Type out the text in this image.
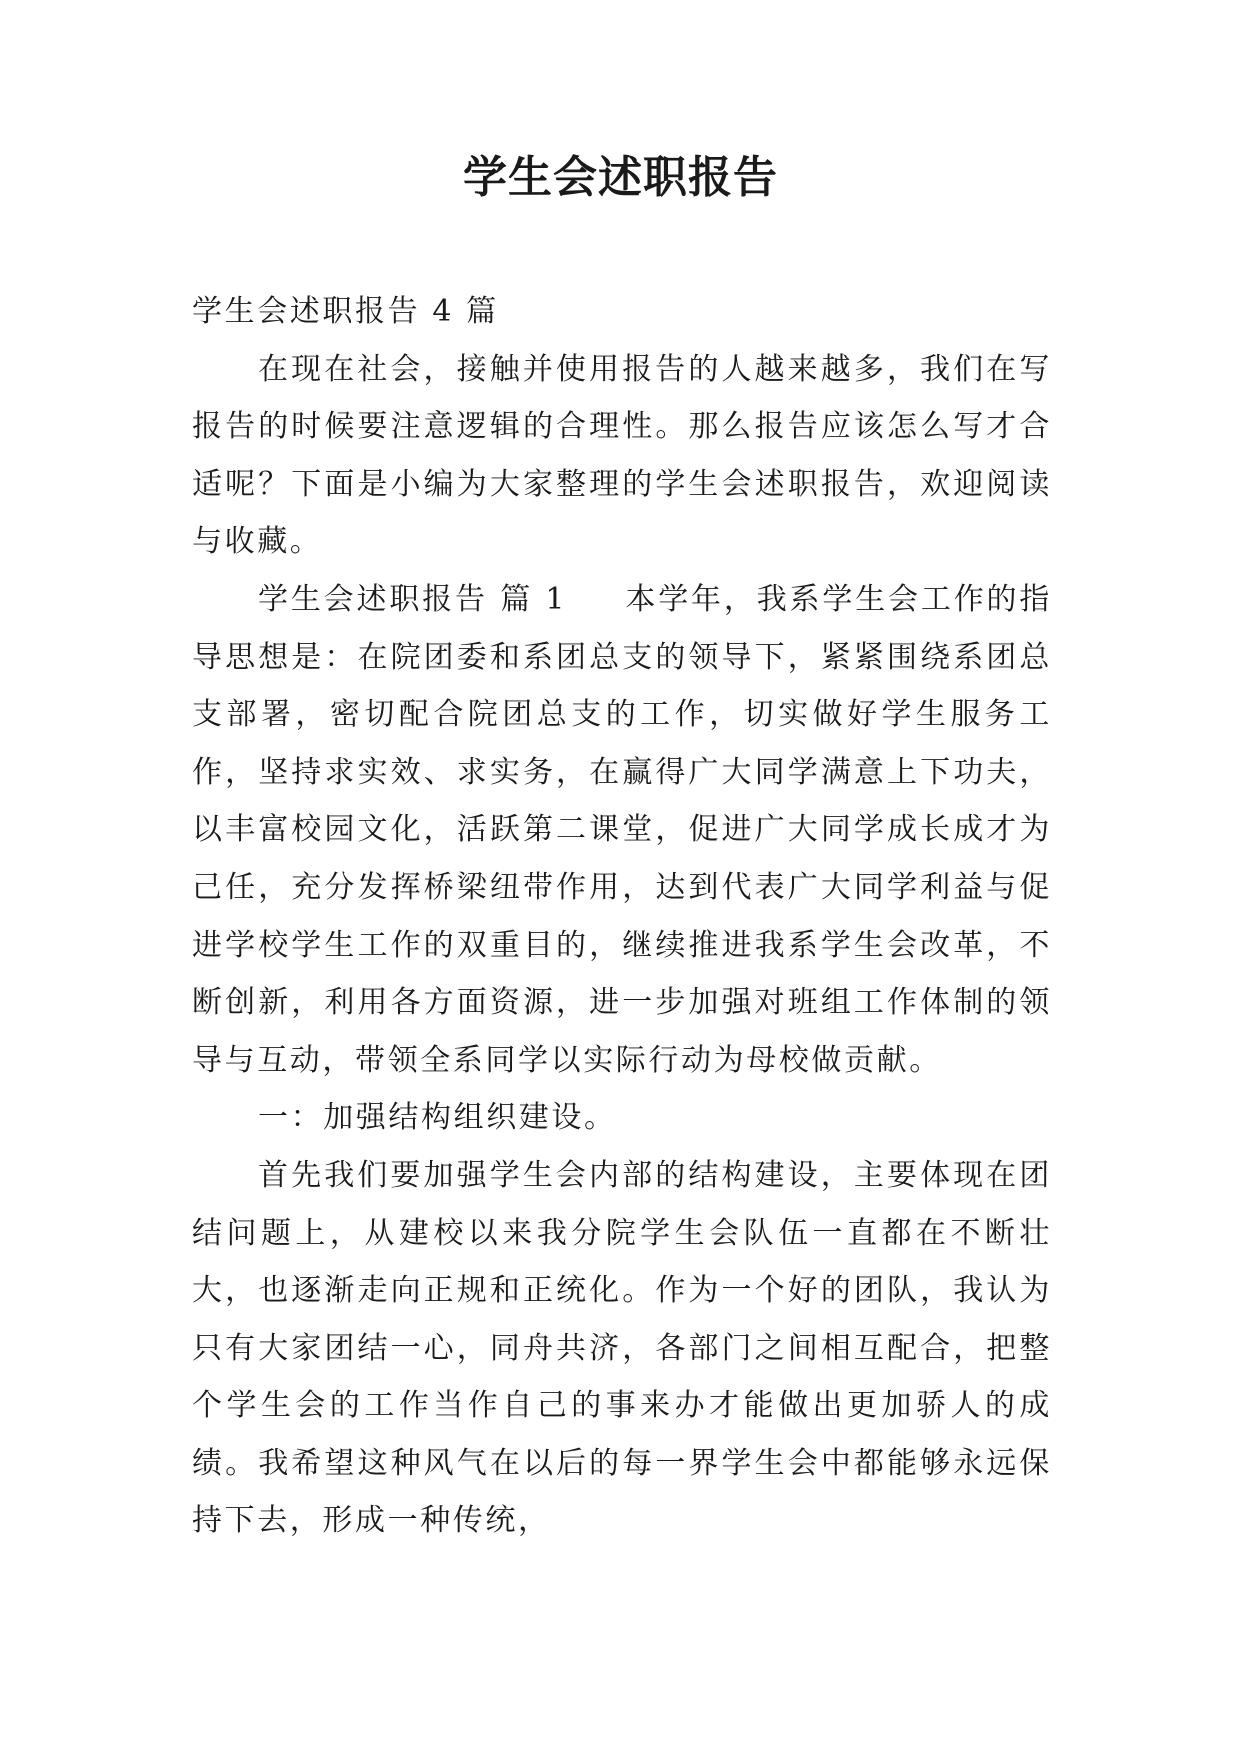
学生会述职报告

学生会述职报告 4 篇

在现在社会，接触并使用报告的人越来越多，我们在写报告的时候要注意逻辑的合理性。那么报告应该怎么写才合适呢？下面是小编为大家整理的学生会述职报告，欢迎阅读与收藏。

学生会述职报告 篇 1 本学年，我系学生会工作的指导思想是：在院团委和系团总支的领导下，紧紧围绕系团总支部署，密切配合院团总支的工作，切实做好学生服务工作，坚持求实效、求实务，在赢得广大同学满意上下功夫，以丰富校园文化，活跃第二课堂，促进广大同学成长成才为己任，充分发挥桥梁纽带作用，达到代表广大同学利益与促进学校学生工作的双重目的，继续推进我系学生会改革，不断创新，利用各方面资源，进一步加强对班组工作体制的领导与互动，带领全系同学以实际行动为母校做贡献。

一：加强结构组织建设。

首先我们要加强学生会内部的结构建设，主要体现在团结问题上，从建校以来我分院学生会队伍一直都在不断壮大，也逐渐走向正规和正统化。作为一个好的团队，我认为只有大家团结一心，同舟共济，各部门之间相互配合，把整个学生会的工作当作自己的事来办才能做出更加骄人的成绩。我希望这种风气在以后的每一界学生会中都能够永远保持下去，形成一种传统，
